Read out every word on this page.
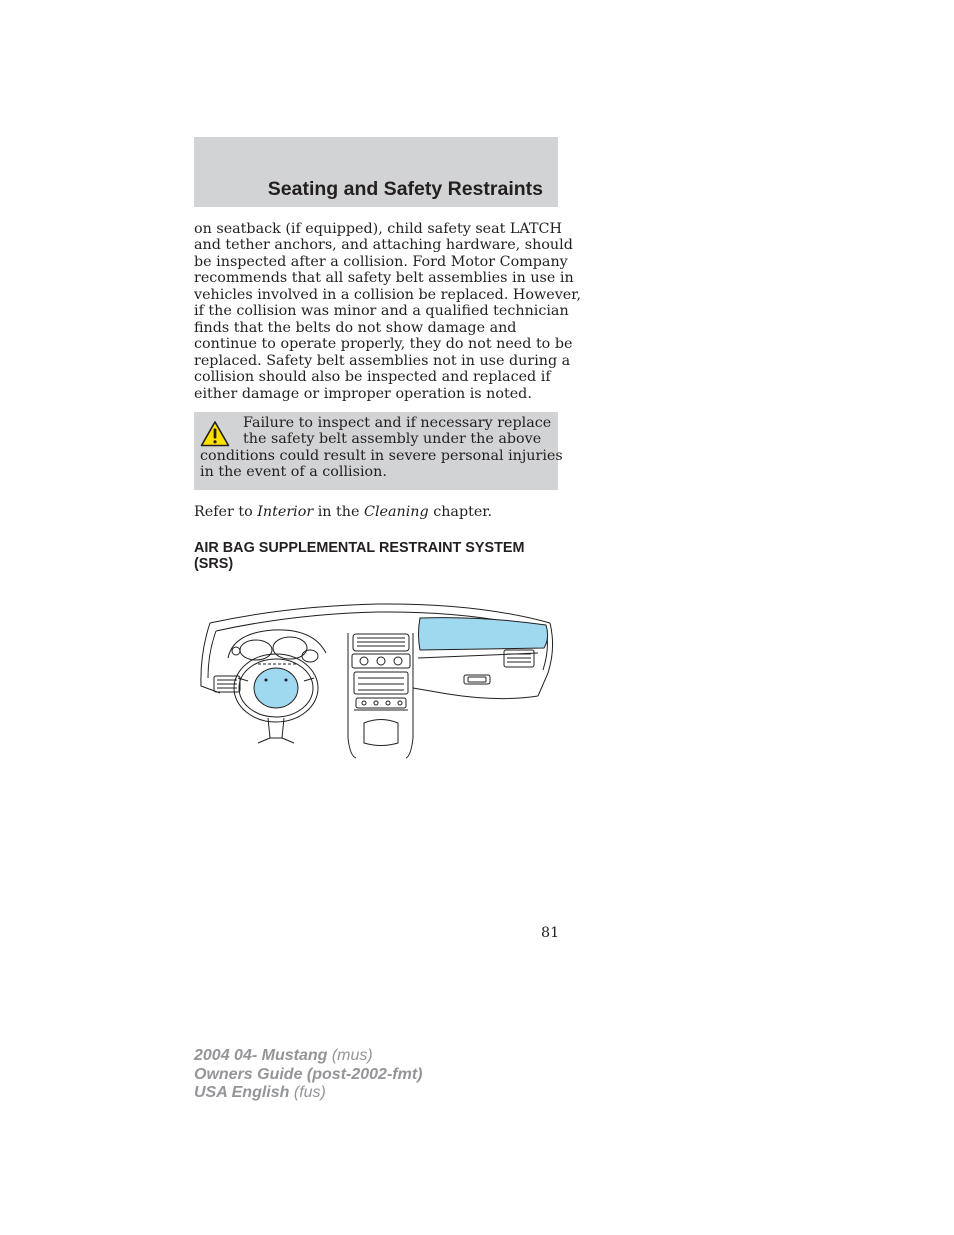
Seating and Safety Restraints

on seatback (if equipped), child safety seat LATCH
and tether anchors, and attaching hardware, should
be inspected after a collision. Ford Motor Company
recommends that all safety belt assemblies in use in
vehicles involved in a collision be replaced. However,
if the collision was minor and a qualified technician
finds that the belts do not show damage and
continue to operate properly, they do not need to be
replaced. Safety belt assemblies not in use during a
collision should also be inspected and replaced if
either damage or improper operation is noted.

Failure to inspect and if necessary replace
the safety belt assembly under the above
conditions could result in severe personal injuries
in the event of a collision.

Refer to Interior in the Cleaning chapter.

AIR BAG SUPPLEMENTAL RESTRAINT SYSTEM
(SRS)

81

2004 04- Mustang (mus)
Owners Guide (post-2002-fmt)
USA English (fus)
